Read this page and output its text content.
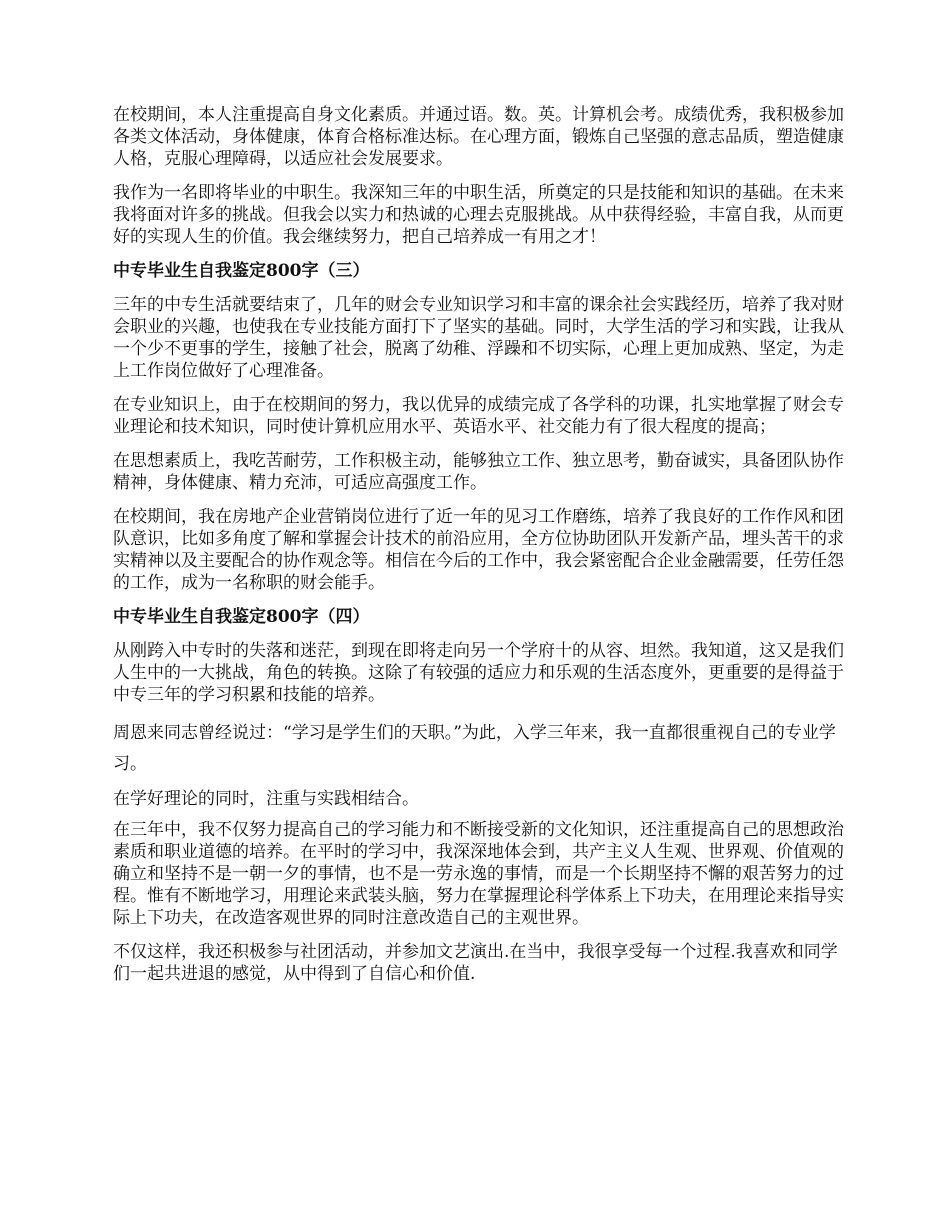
在校期间，本人注重提高自身文化素质。并通过语。数。英。计算机会考。成绩优秀，我积极参加各类文体活动，身体健康，体育合格标准达标。在心理方面，锻炼自己坚强的意志品质，塑造健康人格，克服心理障碍，以适应社会发展要求。

我作为一名即将毕业的中职生。我深知三年的中职生活，所奠定的只是技能和知识的基础。在未来我将面对许多的挑战。但我会以实力和热诚的心理去克服挑战。从中获得经验，丰富自我，从而更好的实现人生的价值。我会继续努力，把自己培养成一有用之才！

中专毕业生自我鉴定800字（三）

三年的中专生活就要结束了，几年的财会专业知识学习和丰富的课余社会实践经历，培养了我对财会职业的兴趣，也使我在专业技能方面打下了坚实的基础。同时，大学生活的学习和实践，让我从一个少不更事的学生，接触了社会，脱离了幼稚、浮躁和不切实际，心理上更加成熟、坚定，为走上工作岗位做好了心理准备。

在专业知识上，由于在校期间的努力，我以优异的成绩完成了各学科的功课，扎实地掌握了财会专业理论和技术知识，同时使计算机应用水平、英语水平、社交能力有了很大程度的提高；

在思想素质上，我吃苦耐劳，工作积极主动，能够独立工作、独立思考，勤奋诚实，具备团队协作精神，身体健康、精力充沛，可适应高强度工作。

在校期间，我在房地产企业营销岗位进行了近一年的见习工作磨练，培养了我良好的工作作风和团队意识，比如多角度了解和掌握会计技术的前沿应用，全方位协助团队开发新产品，埋头苦干的求实精神以及主要配合的协作观念等。相信在今后的工作中，我会紧密配合企业金融需要，任劳任怨的工作，成为一名称职的财会能手。

中专毕业生自我鉴定800字（四）

从刚跨入中专时的失落和迷茫，到现在即将走向另一个学府十的从容、坦然。我知道，这又是我们人生中的一大挑战，角色的转换。这除了有较强的适应力和乐观的生活态度外，更重要的是得益于中专三年的学习积累和技能的培养。

周恩来同志曾经说过：“学习是学生们的天职。”为此，入学三年来，我一直都很重视自己的专业学习。

在学好理论的同时，注重与实践相结合。

在三年中，我不仅努力提高自己的学习能力和不断接受新的文化知识，还注重提高自己的思想政治素质和职业道德的培养。在平时的学习中，我深深地体会到，共产主义人生观、世界观、价值观的确立和坚持不是一朝一夕的事情，也不是一劳永逸的事情，而是一个长期坚持不懈的艰苦努力的过程。惟有不断地学习，用理论来武装头脑，努力在掌握理论科学体系上下功夫，在用理论来指导实际上下功夫，在改造客观世界的同时注意改造自己的主观世界。

不仅这样，我还积极参与社团活动，并参加文艺演出.在当中，我很享受每一个过程.我喜欢和同学们一起共进退的感觉，从中得到了自信心和价值.
